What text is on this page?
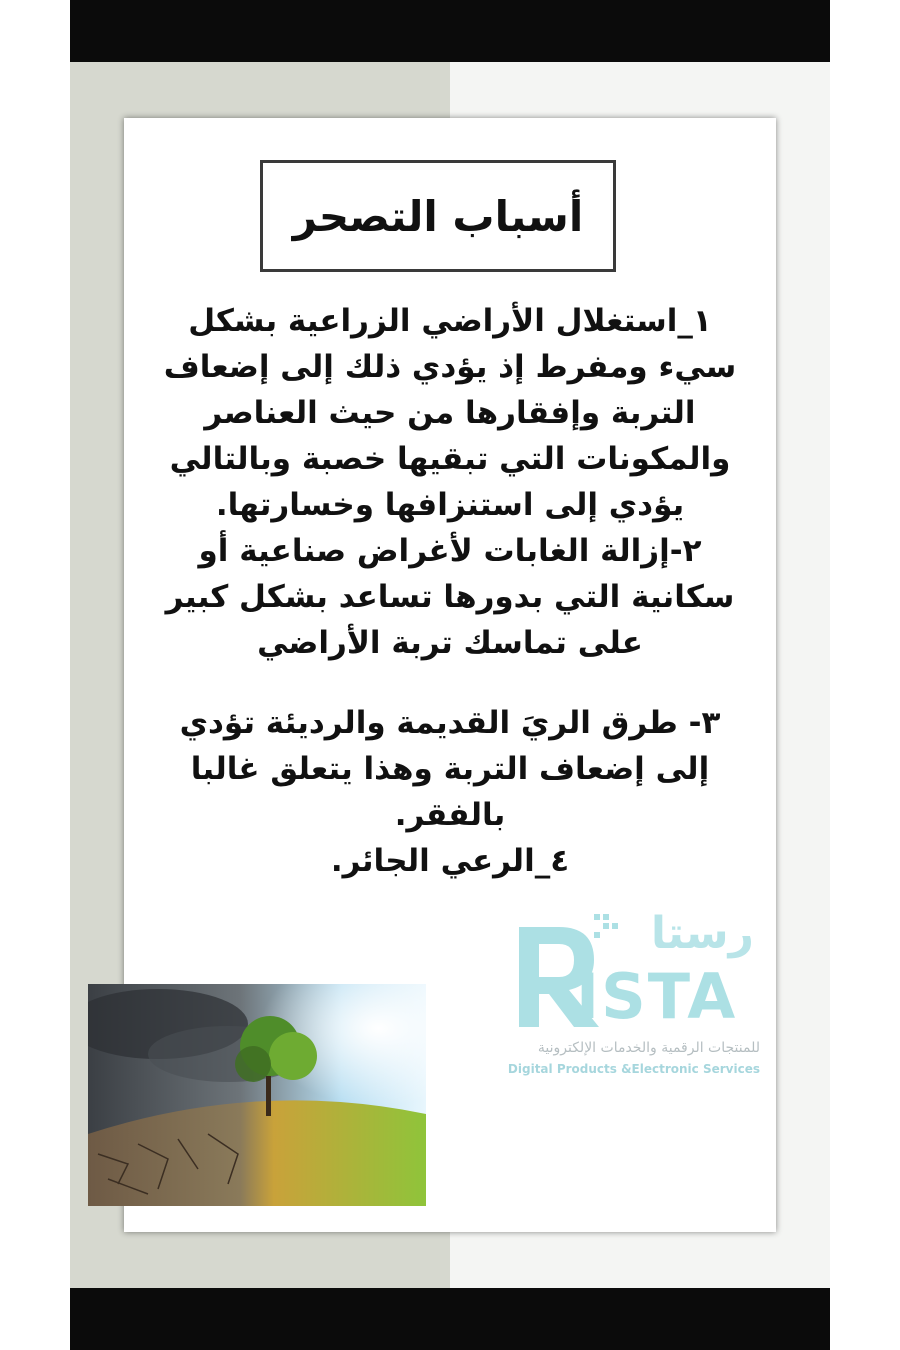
أسباب التصحر

١_استغلال الأراضي الزراعية بشكل سيء ومفرط إذ يؤدي ذلك إلى إضعاف التربة وإفقارها من حيث العناصر والمكونات التي تبقيها خصبة وبالتالي يؤدي إلى استنزافها وخسارتها.

٢-إزالة الغابات لأغراض صناعية أو سكانية التي بدورها تساعد بشكل كبير على تماسك تربة الأراضي

٣- طرق الريَ القديمة والرديئة تؤدي إلى إضعاف التربة وهذا يتعلق غالبا بالفقر.

٤_الرعي الجائر.

رستا
ISTA
للمنتجات الرقمية والخدمات الإلكترونية
Digital Products &Electronic Services
